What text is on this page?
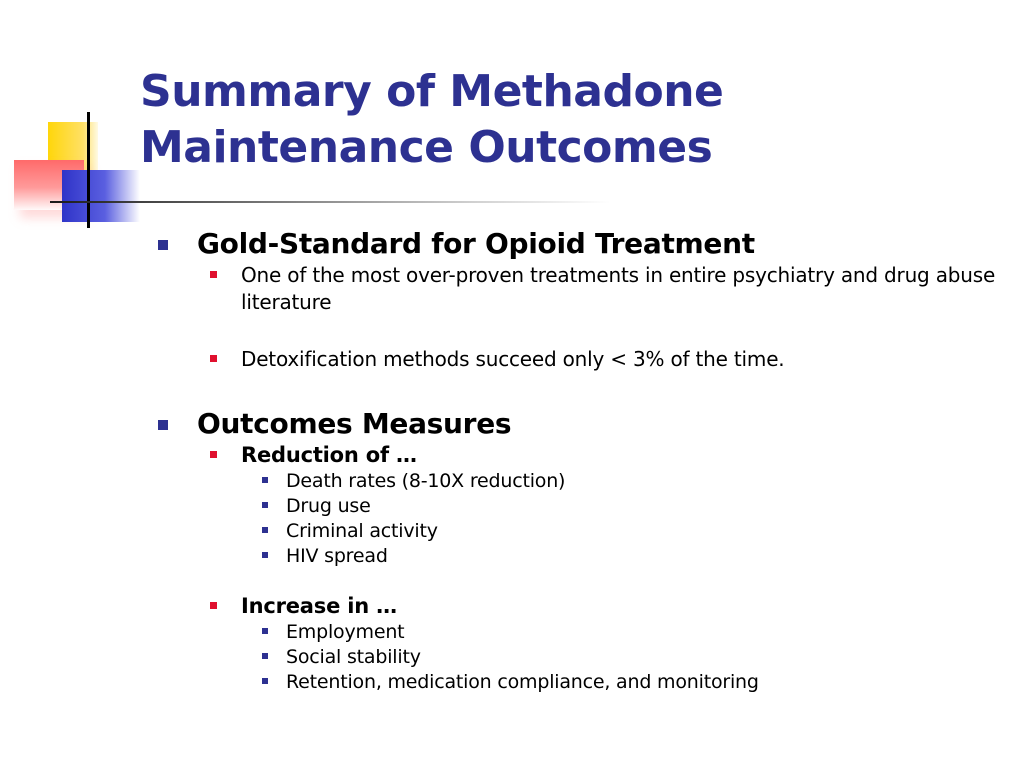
Summary of Methadone
Maintenance Outcomes
Gold-Standard for Opioid Treatment
One of the most over-proven treatments in entire psychiatry and drug abuse literature
Detoxification methods succeed only < 3% of the time.
Outcomes Measures
Reduction of …
Death rates (8-10X reduction)
Drug use
Criminal activity
HIV spread
Increase in …
Employment
Social stability
Retention, medication compliance, and monitoring
